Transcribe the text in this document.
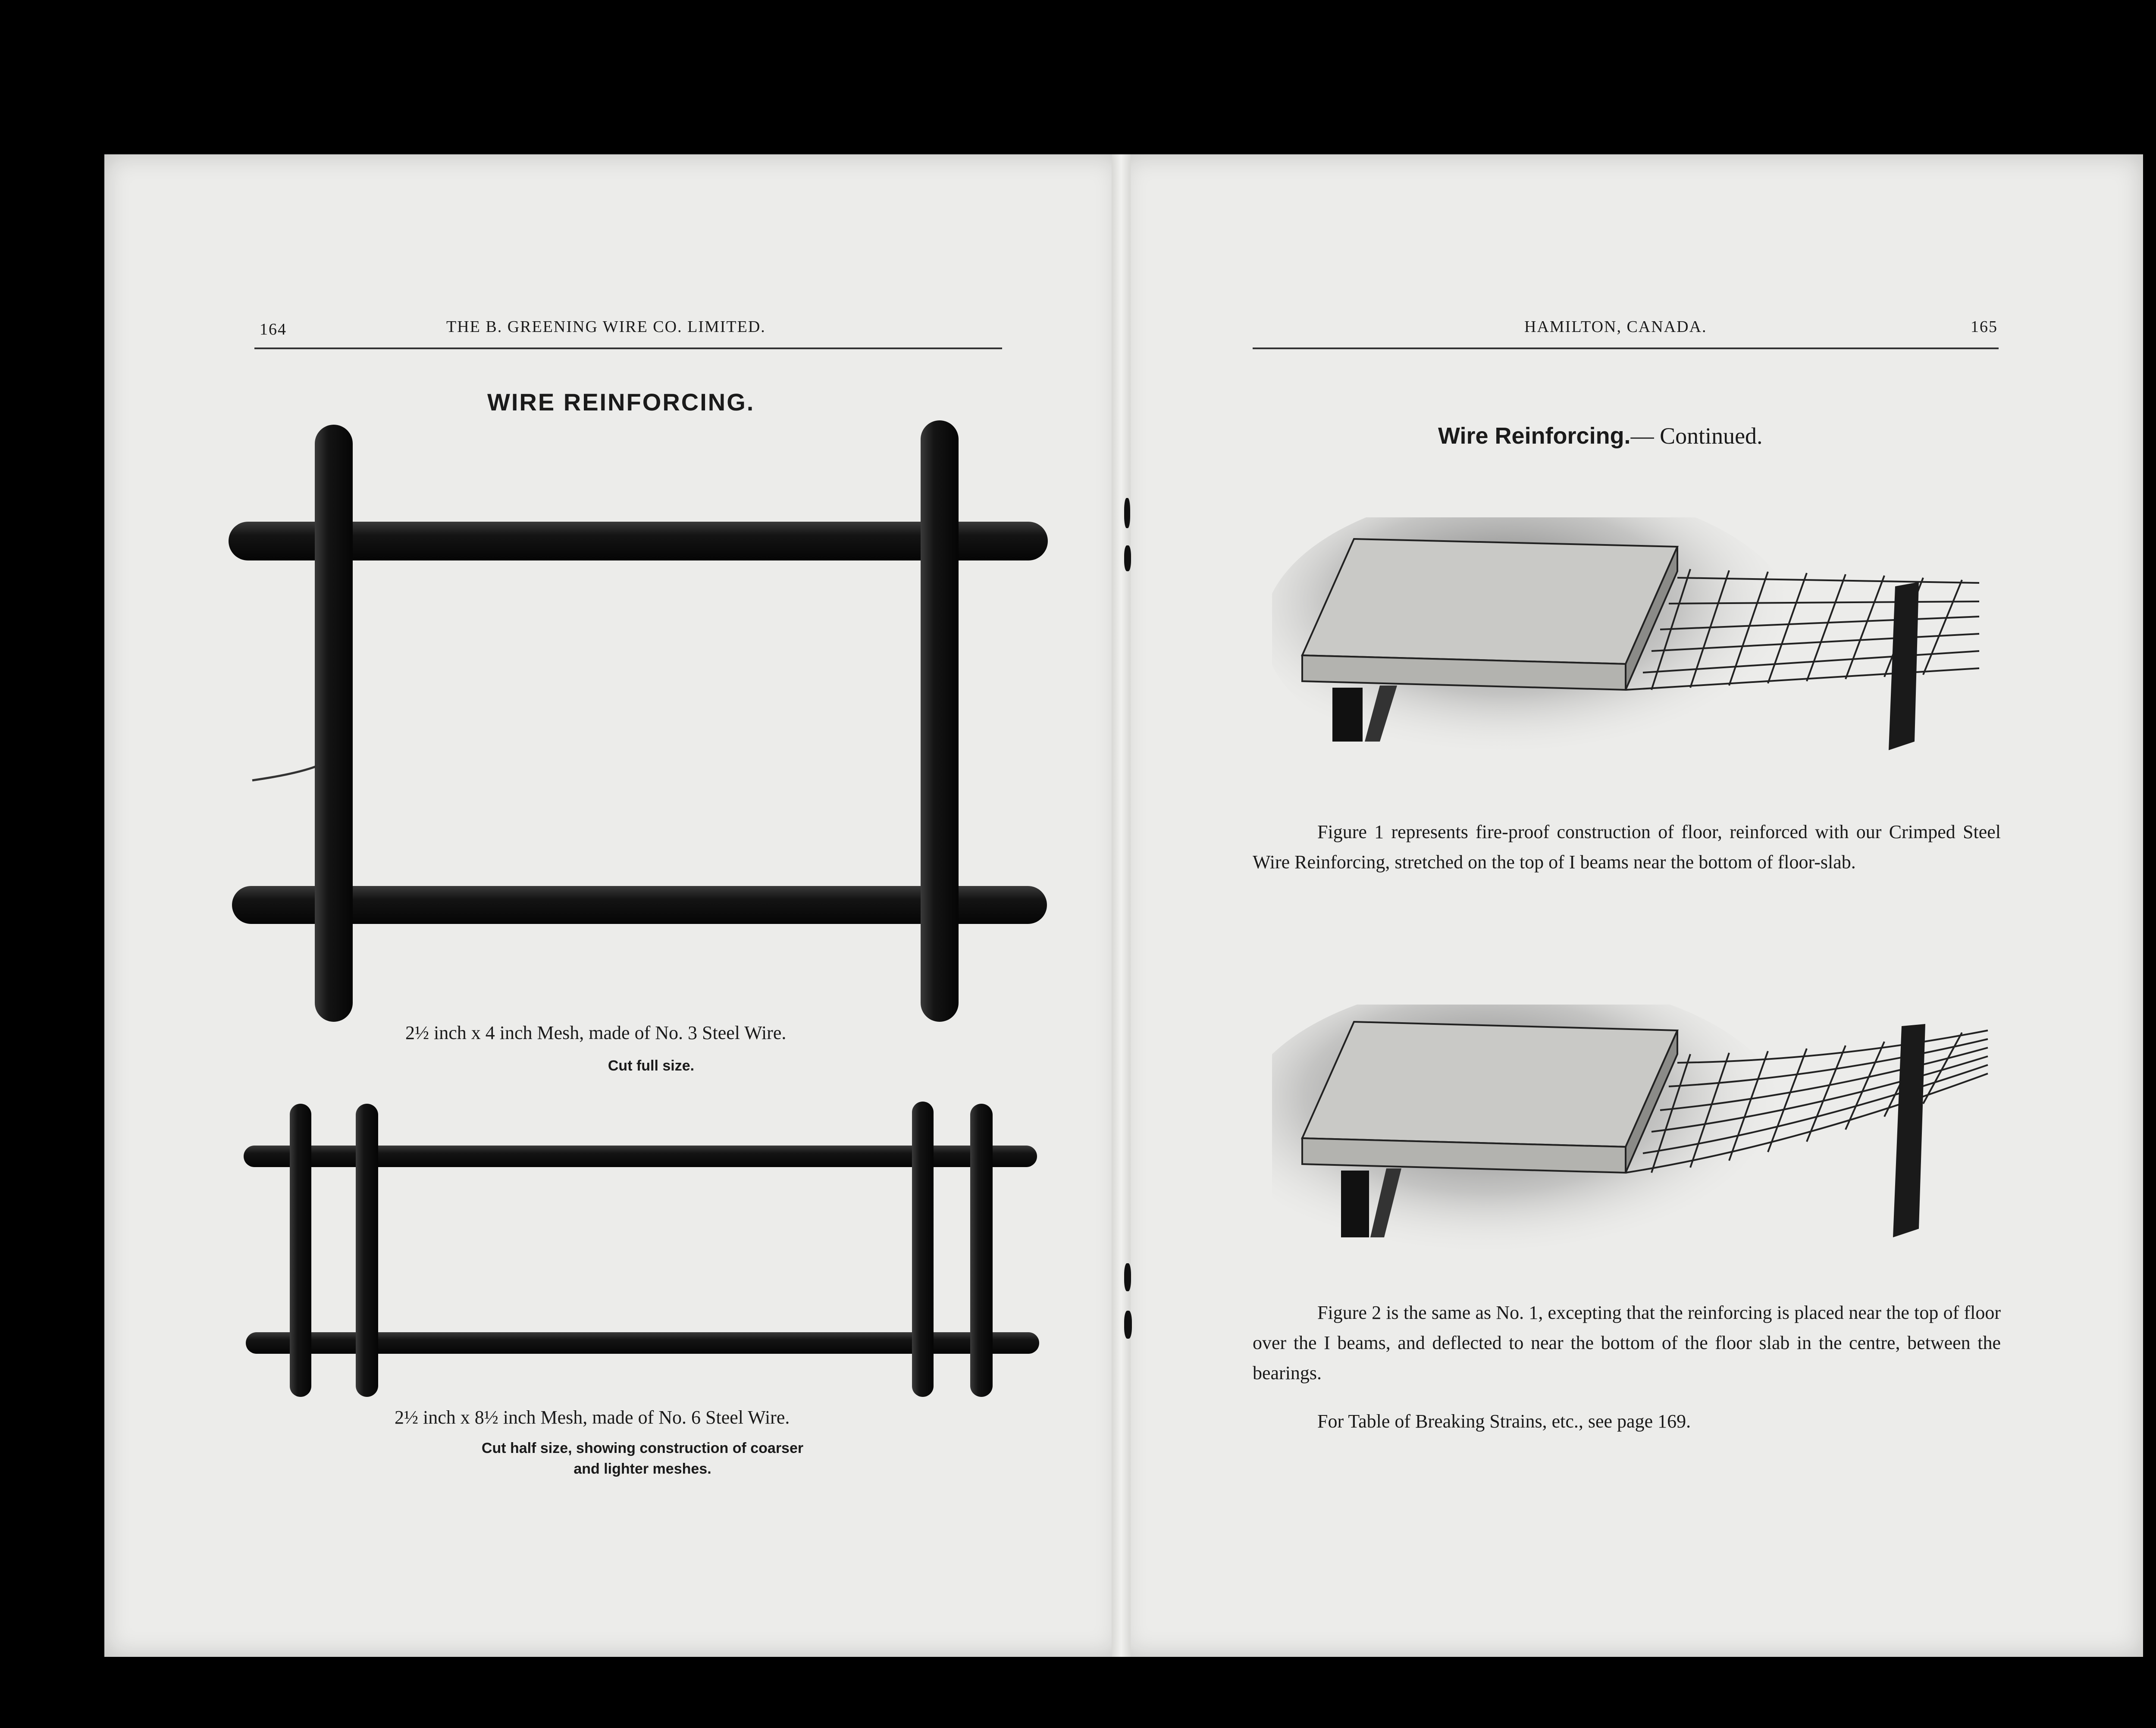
164	THE B. GREENING WIRE CO. LIMITED.
WIRE REINFORCING.
2½ inch x 4 inch Mesh, made of No. 3 Steel Wire.
Cut full size.
2½ inch x 8½ inch Mesh, made of No. 6 Steel Wire.
Cut half size, showing construction of coarser
and lighter meshes.
HAMILTON, CANADA.	165
Wire Reinforcing.— Continued.
Figure 1 represents fire-proof construction of floor, reinforced with our Crimped Steel Wire Reinforcing, stretched on the top of I beams near the bottom of floor-slab.
Figure 2 is the same as No. 1, excepting that the reinforcing is placed near the top of floor over the I beams, and deflected to near the bottom of the floor slab in the centre, between the bearings.
For Table of Breaking Strains, etc., see page 169.
